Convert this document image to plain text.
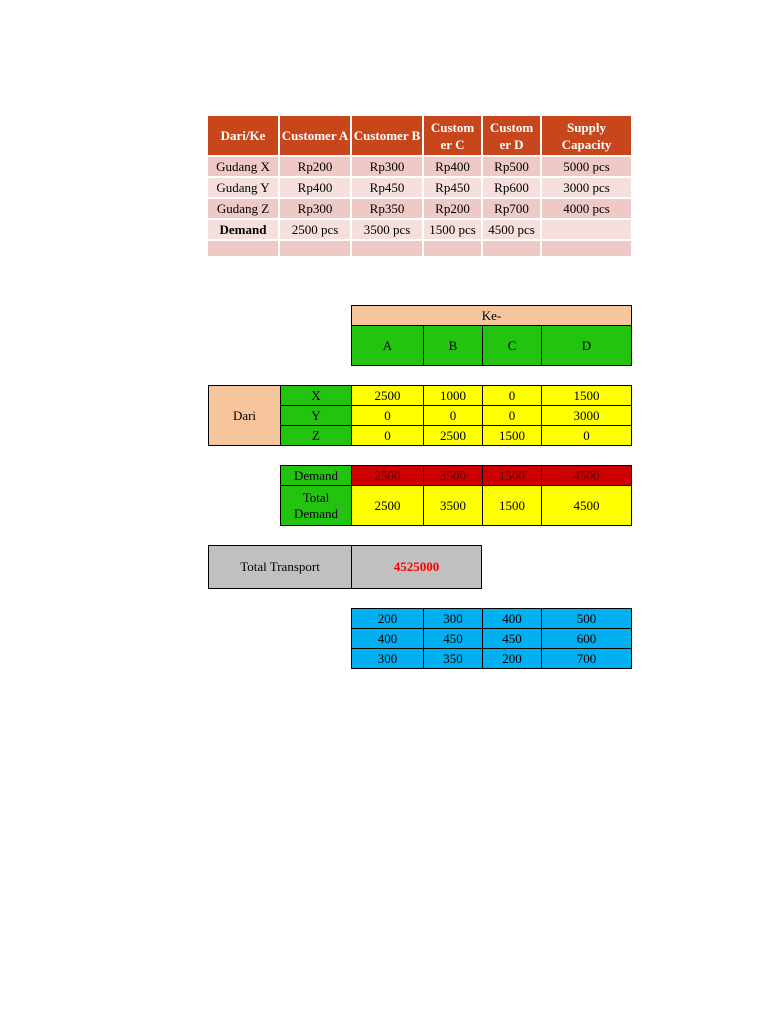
Dari/Ke	Customer A	Customer B	Custom er C	Custom er D	Supply Capacity
Gudang X	Rp200	Rp300	Rp400	Rp500	5000 pcs
Gudang Y	Rp400	Rp450	Rp450	Rp600	3000 pcs
Gudang Z	Rp300	Rp350	Rp200	Rp700	4000 pcs
Demand	2500 pcs	3500 pcs	1500 pcs	4500 pcs	

Ke-
A	B	C	D
Dari	X	2500	1000	0	1500
	Y	0	0	0	3000
	Z	0	2500	1500	0
Demand	2500	3500	1500	4500
Total Demand	2500	3500	1500	4500
Total Transport	4525000
200	300	400	500
400	450	450	600
300	350	200	700
